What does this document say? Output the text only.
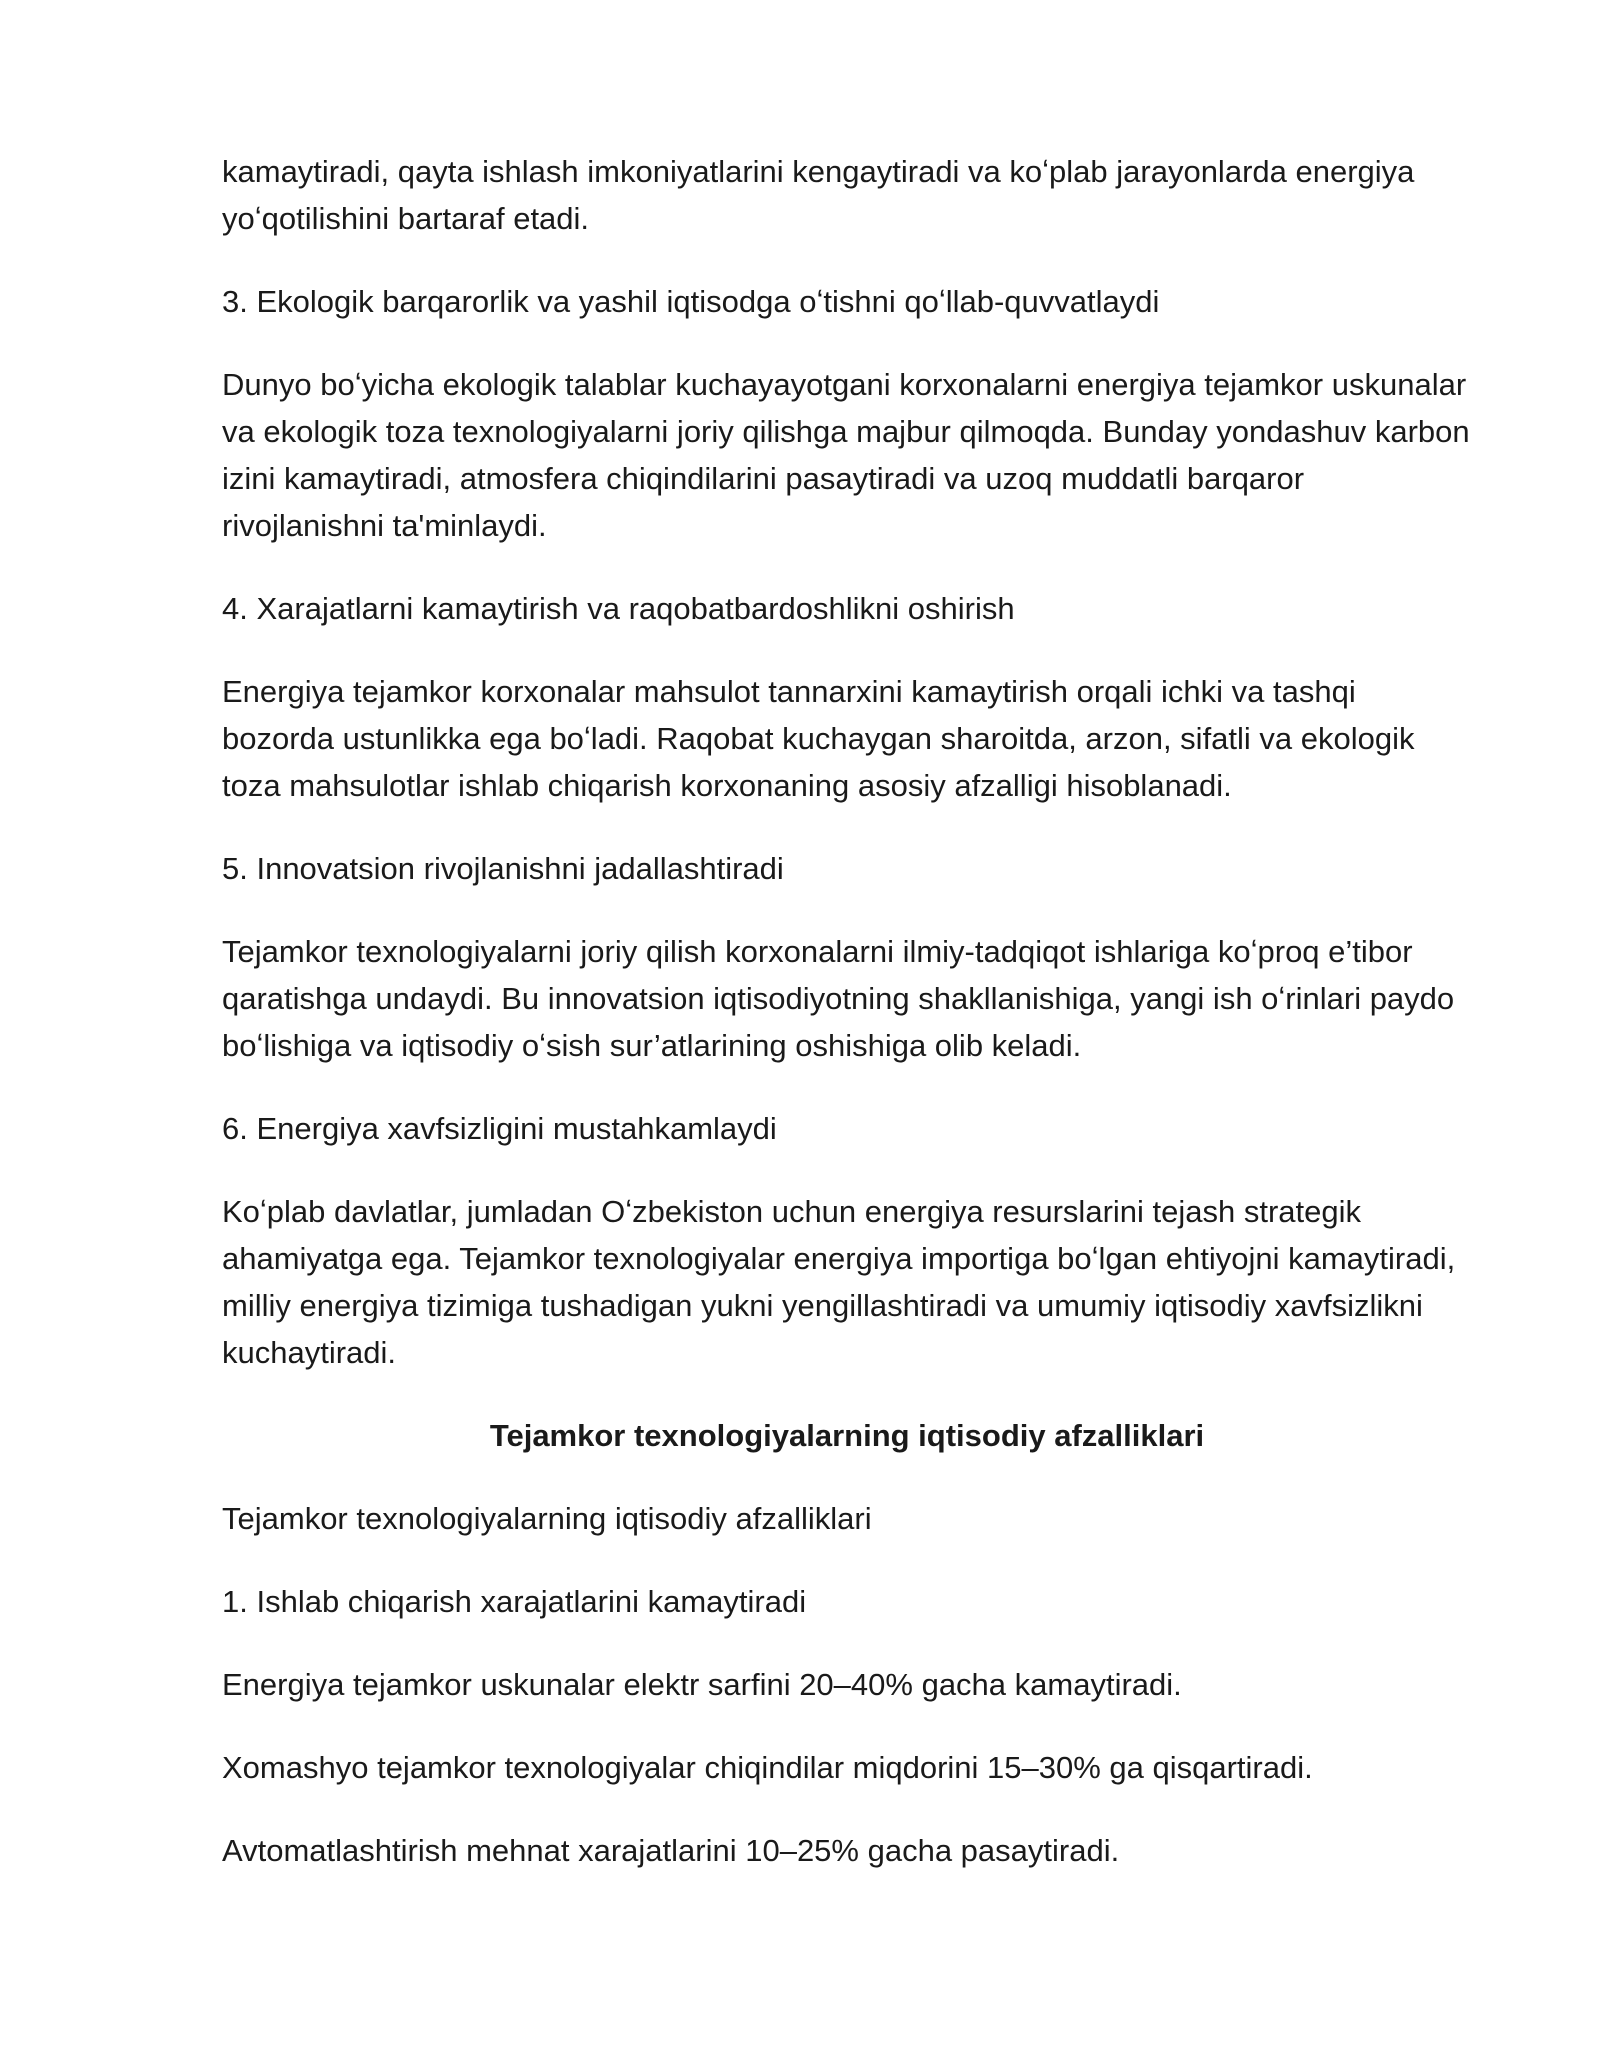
kamaytiradi, qayta ishlash imkoniyatlarini kengaytiradi va koʻplab jarayonlarda energiya yoʻqotilishini bartaraf etadi.

3. Ekologik barqarorlik va yashil iqtisodga oʻtishni qoʻllab-quvvatlaydi

Dunyo boʻyicha ekologik talablar kuchayayotgani korxonalarni energiya tejamkor uskunalar va ekologik toza texnologiyalarni joriy qilishga majbur qilmoqda. Bunday yondashuv karbon izini kamaytiradi, atmosfera chiqindilarini pasaytiradi va uzoq muddatli barqaror rivojlanishni ta'minlaydi.

4. Xarajatlarni kamaytirish va raqobatbardoshlikni oshirish

Energiya tejamkor korxonalar mahsulot tannarxini kamaytirish orqali ichki va tashqi bozorda ustunlikka ega boʻladi. Raqobat kuchaygan sharoitda, arzon, sifatli va ekologik toza mahsulotlar ishlab chiqarish korxonaning asosiy afzalligi hisoblanadi.

5. Innovatsion rivojlanishni jadallashtiradi

Tejamkor texnologiyalarni joriy qilish korxonalarni ilmiy-tadqiqot ishlariga koʻproq e’tibor qaratishga undaydi. Bu innovatsion iqtisodiyotning shakllanishiga, yangi ish oʻrinlari paydo boʻlishiga va iqtisodiy oʻsish sur’atlarining oshishiga olib keladi.

6. Energiya xavfsizligini mustahkamlaydi

Koʻplab davlatlar, jumladan Oʻzbekiston uchun energiya resurslarini tejash strategik ahamiyatga ega. Tejamkor texnologiyalar energiya importiga boʻlgan ehtiyojni kamaytiradi, milliy energiya tizimiga tushadigan yukni yengillashtiradi va umumiy iqtisodiy xavfsizlikni kuchaytiradi.

Tejamkor texnologiyalarning iqtisodiy afzalliklari

Tejamkor texnologiyalarning iqtisodiy afzalliklari

1. Ishlab chiqarish xarajatlarini kamaytiradi

Energiya tejamkor uskunalar elektr sarfini 20–40% gacha kamaytiradi.

Xomashyo tejamkor texnologiyalar chiqindilar miqdorini 15–30% ga qisqartiradi.

Avtomatlashtirish mehnat xarajatlarini 10–25% gacha pasaytiradi.
